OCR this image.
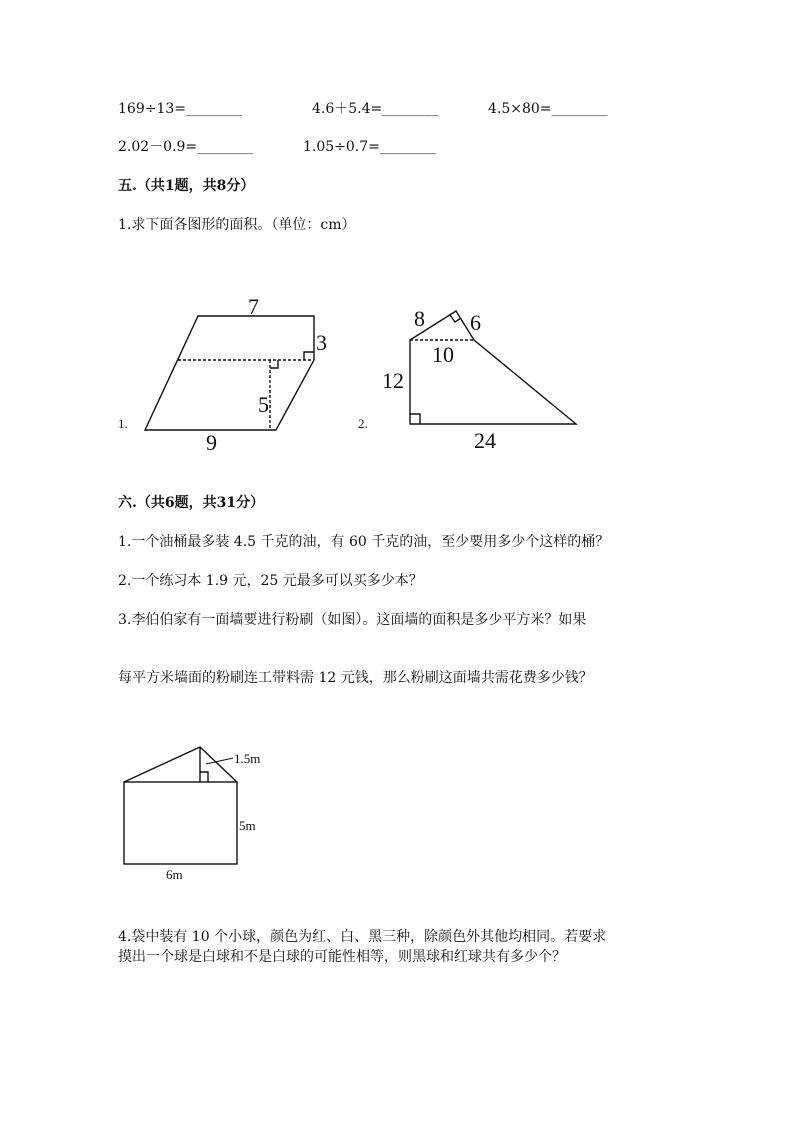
169÷13=________	4.6＋5.4=________	4.5×80=________
2.02－0.9=________	1.05÷0.7=________
五.（共1题，共8分）
1.求下面各图形的面积。（单位：cm）
1.
7
3
5
9
2.
8 6
10
12
24
1.5m
5m
6m
六.（共6题，共31分）
1.一个油桶最多装 4.5 千克的油，有 60 千克的油，至少要用多少个这样的桶？
2.一个练习本 1.9 元，25 元最多可以买多少本？
3.李伯伯家有一面墙要进行粉刷（如图）。这面墙的面积是多少平方米？如果
每平方米墙面的粉刷连工带料需 12 元钱，那么粉刷这面墙共需花费多少钱？
4.袋中装有 10 个小球，颜色为红、白、黑三种，除颜色外其他均相同。若要求
摸出一个球是白球和不是白球的可能性相等，则黑球和红球共有多少个？
